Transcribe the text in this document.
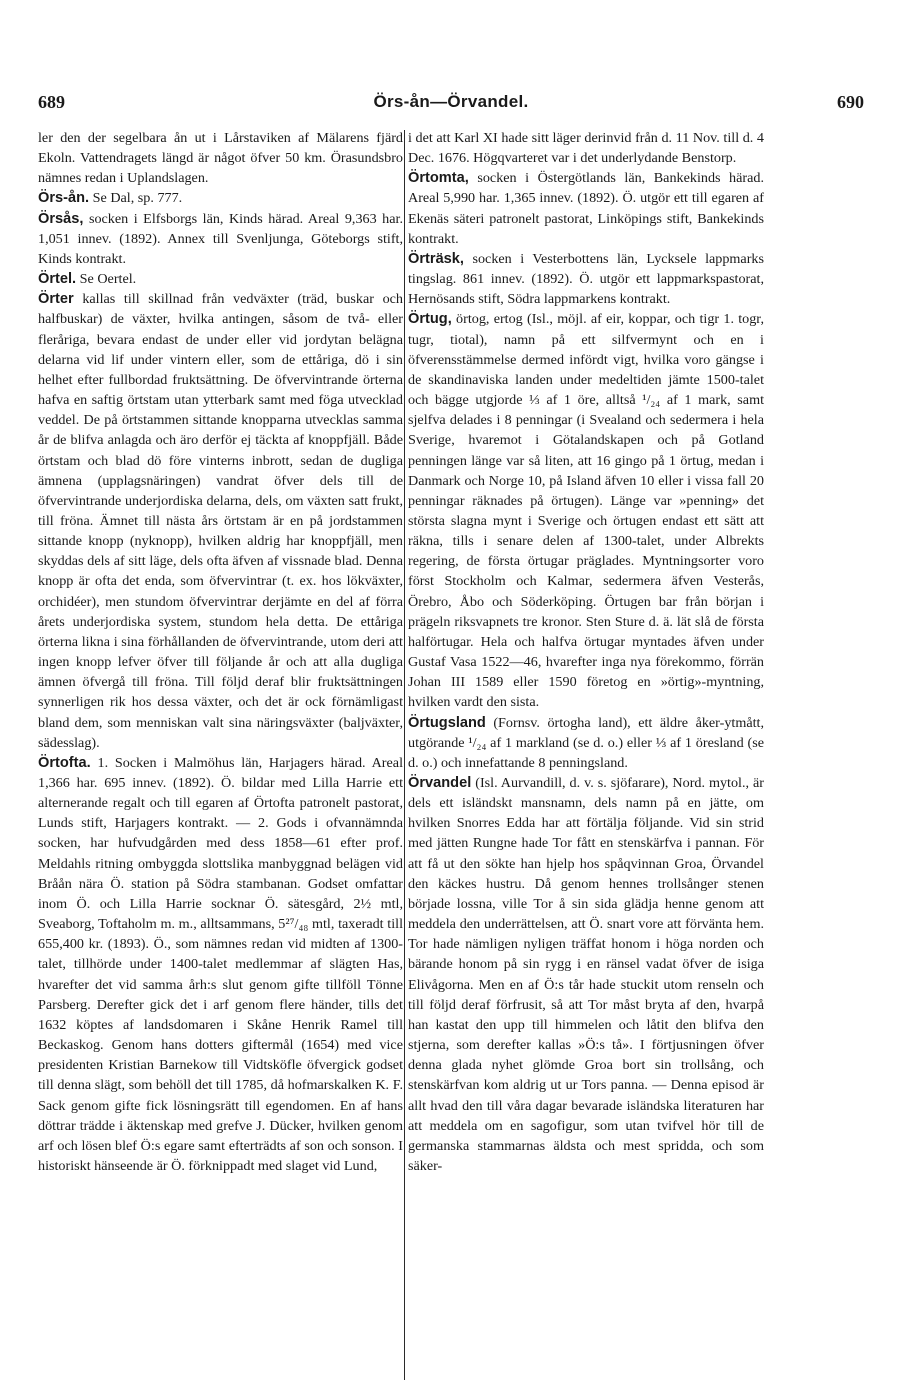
689	Örs-ån—Örvandel.	690

ler den der segelbara ån ut i Lårstaviken af Mälarens fjärd Ekoln. Vattendragets längd är något öfver 50 km. Örasundsbro nämnes redan i Uplandslagen.

Örs-ån. Se Dal, sp. 777.

Örsås, socken i Elfsborgs län, Kinds härad. Areal 9,363 har. 1,051 innev. (1892). Annex till Svenljunga, Göteborgs stift, Kinds kontrakt.

Örtel. Se Oertel.

Örter kallas till skillnad från vedväxter (träd, buskar och halfbuskar) de växter, hvilka antingen, såsom de två- eller fleråriga, bevara endast de under eller vid jordytan belägna delarna vid lif under vintern eller, som de ettåriga, dö i sin helhet efter fullbordad fruktsättning. De öfvervintrande örterna hafva en saftig örtstam utan ytterbark samt med föga utvecklad veddel. De på örtstammen sittande knopparna utvecklas samma år de blifva anlagda och äro derför ej täckta af knoppfjäll. Både örtstam och blad dö före vinterns inbrott, sedan de dugliga ämnena (upplagsnäringen) vandrat öfver dels till de öfvervintrande underjordiska delarna, dels, om växten satt frukt, till fröna. Ämnet till nästa års örtstam är en på jordstammen sittande knopp (nyknopp), hvilken aldrig har knoppfjäll, men skyddas dels af sitt läge, dels ofta äfven af vissnade blad. Denna knopp är ofta det enda, som öfvervintrar (t. ex. hos lökväxter, orchidéer), men stundom öfvervintrar derjämte en del af förra årets underjordiska system, stundom hela detta. De ettåriga örterna likna i sina förhållanden de öfvervintrande, utom deri att ingen knopp lefver öfver till följande år och att alla dugliga ämnen öfvergå till fröna. Till följd deraf blir fruktsättningen synnerligen rik hos dessa växter, och det är ock förnämligast bland dem, som menniskan valt sina näringsväxter (baljväxter, sädesslag).

Örtofta. 1. Socken i Malmöhus län, Harjagers härad. Areal 1,366 har. 695 innev. (1892). Ö. bildar med Lilla Harrie ett alternerande regalt och till egaren af Örtofta patronelt pastorat, Lunds stift, Harjagers kontrakt. — 2. Gods i ofvannämnda socken, har hufvudgården med dess 1858—61 efter prof. Meldahls ritning ombyggda slottslika manbyggnad belägen vid Bråån nära Ö. station på Södra stambanan. Godset omfattar inom Ö. och Lilla Harrie socknar Ö. sätesgård, 2½ mtl, Sveaborg, Toftaholm m. m., alltsammans, 5²⁷/₄₈ mtl, taxeradt till 655,400 kr. (1893). Ö., som nämnes redan vid midten af 1300-talet, tillhörde under 1400-talet medlemmar af slägten Has, hvarefter det vid samma årh:s slut genom gifte tillföll Tönne Parsberg. Derefter gick det i arf genom flere händer, tills det 1632 köptes af landsdomaren i Skåne Henrik Ramel till Beckaskog. Genom hans dotters giftermål (1654) med vice presidenten Kristian Barnekow till Vidtsköfle öfvergick godset till denna slägt, som behöll det till 1785, då hofmarskalken K. F. Sack genom gifte fick lösningsrätt till egendomen. En af hans döttrar trädde i äktenskap med grefve J. Dücker, hvilken genom arf och lösen blef Ö:s egare samt efterträdts af son och sonson. I historiskt hänseende är Ö. förknippadt med slaget vid Lund,

i det att Karl XI hade sitt läger derinvid från d. 11 Nov. till d. 4 Dec. 1676. Högqvarteret var i det underlydande Benstorp.

Örtomta, socken i Östergötlands län, Bankekinds härad. Areal 5,990 har. 1,365 innev. (1892). Ö. utgör ett till egaren af Ekenäs säteri patronelt pastorat, Linköpings stift, Bankekinds kontrakt.

Örträsk, socken i Vesterbottens län, Lycksele lappmarks tingslag. 861 innev. (1892). Ö. utgör ett lappmarkspastorat, Hernösands stift, Södra lappmarkens kontrakt.

Örtug, örtog, ertog (Isl., möjl. af eir, koppar, och tigr 1. togr, tugr, tiotal), namn på ett silfvermynt och en i öfverensstämmelse dermed infördt vigt, hvilka voro gängse i de skandinaviska landen under medeltiden jämte 1500-talet och bägge utgjorde ⅓ af 1 öre, alltså ¹/₂₄ af 1 mark, samt sjelfva delades i 8 penningar (i Svealand och sedermera i hela Sverige, hvaremot i Götalandskapen och på Gotland penningen länge var så liten, att 16 gingo på 1 örtug, medan i Danmark och Norge 10, på Island äfven 10 eller i vissa fall 20 penningar räknades på örtugen). Länge var »penning» det största slagna mynt i Sverige och örtugen endast ett sätt att räkna, tills i senare delen af 1300-talet, under Albrekts regering, de första örtugar präglades. Myntningsorter voro först Stockholm och Kalmar, sedermera äfven Vesterås, Örebro, Åbo och Söderköping. Örtugen bar från början i prägeln riksvapnets tre kronor. Sten Sture d. ä. lät slå de första halförtugar. Hela och halfva örtugar myntades äfven under Gustaf Vasa 1522—46, hvarefter inga nya förekommo, förrän Johan III 1589 eller 1590 företog en »örtig»-myntning, hvilken vardt den sista.

Örtugsland (Fornsv. örtogha land), ett äldre åker-ytmått, utgörande ¹/₂₄ af 1 markland (se d. o.) eller ⅓ af 1 öresland (se d. o.) och innefattande 8 penningsland.

Örvandel (Isl. Aurvandill, d. v. s. sjöfarare), Nord. mytol., är dels ett isländskt mansnamn, dels namn på en jätte, om hvilken Snorres Edda har att förtälja följande. Vid sin strid med jätten Rungne hade Tor fått en stenskärfva i pannan. För att få ut den sökte han hjelp hos spåqvinnan Groa, Örvandel den käckes hustru. Då genom hennes trollsånger stenen började lossna, ville Tor å sin sida glädja henne genom att meddela den underrättelsen, att Ö. snart vore att förvänta hem. Tor hade nämligen nyligen träffat honom i höga norden och bärande honom på sin rygg i en ränsel vadat öfver de isiga Elivågorna. Men en af Ö:s tår hade stuckit utom renseln och till följd deraf förfrusit, så att Tor måst bryta af den, hvarpå han kastat den upp till himmelen och låtit den blifva den stjerna, som derefter kallas »Ö:s tå». I förtjusningen öfver denna glada nyhet glömde Groa bort sin trollsång, och stenskärfvan kom aldrig ut ur Tors panna. — Denna episod är allt hvad den till våra dagar bevarade isländska literaturen har att meddela om en sagofigur, som utan tvifvel hör till de germanska stammarnas äldsta och mest spridda, och som säker-
